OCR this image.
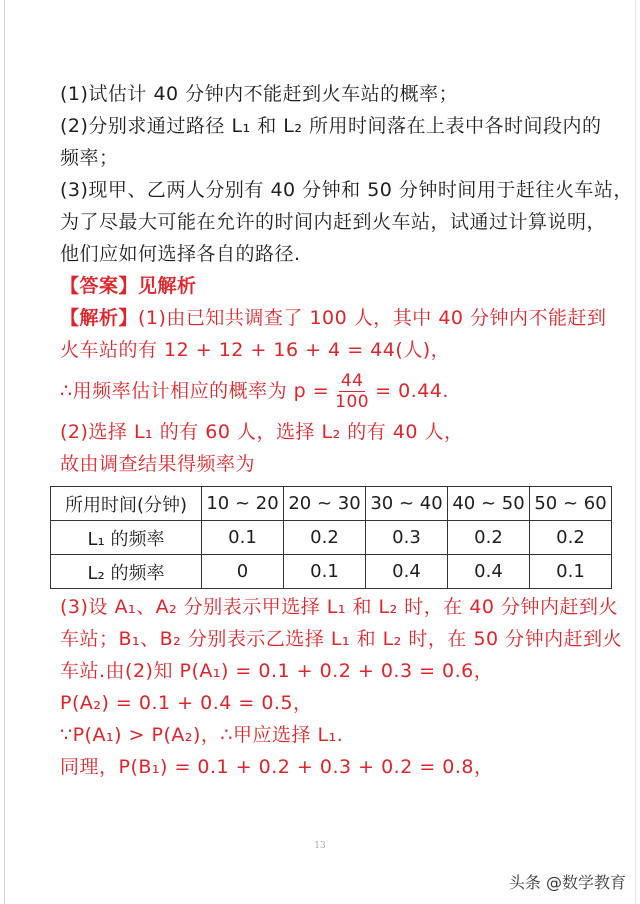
(1)试估计 40 分钟内不能赶到火车站的概率；
(2)分别求通过路径 L₁ 和 L₂ 所用时间落在上表中各时间段内的
频率；
(3)现甲、乙两人分别有 40 分钟和 50 分钟时间用于赶往火车站，
为了尽最大可能在允许的时间内赶到火车站，试通过计算说明，
他们应如何选择各自的路径.
【答案】见解析
【解析】(1)由已知共调查了 100 人，其中 40 分钟内不能赶到
火车站的有 12 + 12 + 16 + 4 = 44(人)，
∴用频率估计相应的概率为 $p = \frac{44}{100} = 0.44$.
(2)选择 L₁ 的有 60 人，选择 L₂ 的有 40 人，
故由调查结果得频率为
所用时间(分钟)	10 ~ 20	20 ~ 30	30 ~ 40	40 ~ 50	50 ~ 60
L₁ 的频率	0.1	0.2	0.3	0.2	0.2
L₂ 的频率	0	0.1	0.4	0.4	0.1
(3)设 A₁、A₂ 分别表示甲选择 L₁ 和 L₂ 时，在 40 分钟内赶到火
车站；B₁、B₂ 分别表示乙选择 L₁ 和 L₂ 时，在 50 分钟内赶到火
车站.由(2)知 P(A₁) = 0.1 + 0.2 + 0.3 = 0.6，
P(A₂) = 0.1 + 0.4 = 0.5，
∵P(A₁) > P(A₂)，∴甲应选择 L₁.
同理，P(B₁) = 0.1 + 0.2 + 0.3 + 0.2 = 0.8，
13
头条 @数学教育
